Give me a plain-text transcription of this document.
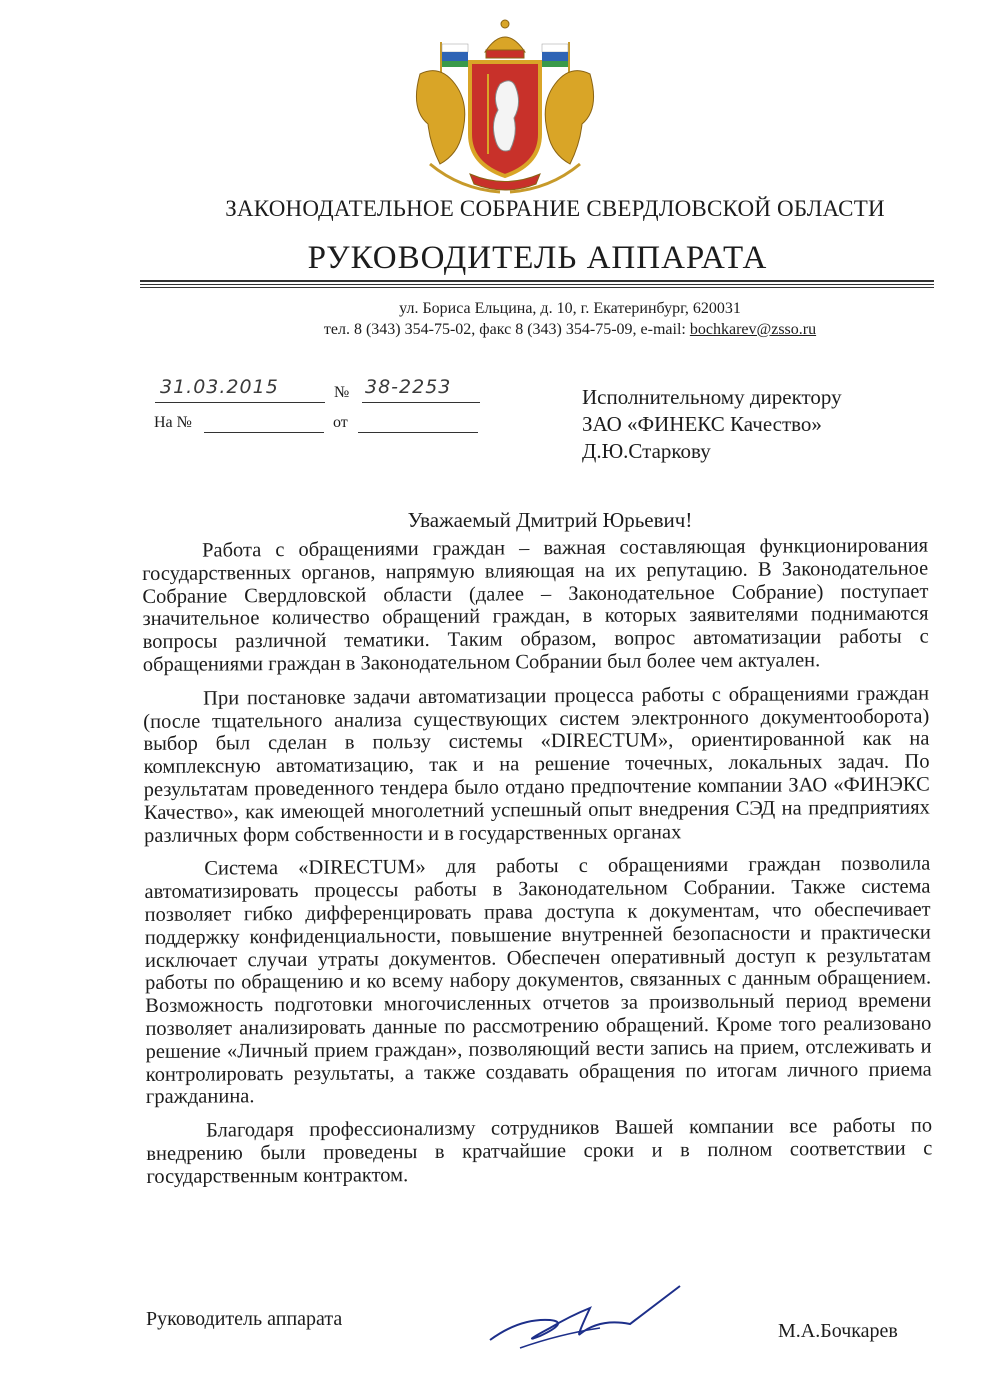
ЗАКОНОДАТЕЛЬНОЕ СОБРАНИЕ СВЕРДЛОВСКОЙ ОБЛАСТИ
РУКОВОДИТЕЛЬ АППАРАТА
ул. Бориса Ельцина, д. 10, г. Екатеринбург, 620031
тел. 8 (343) 354-75-02, факс 8 (343) 354-75-09, e-mail: bochkarev@zsso.ru
31.03.2015	№ 38-2253
На №	от
Исполнительному директору
ЗАО «ФИНЕКС Качество»
Д.Ю.Старкову
Уважаемый Дмитрий Юрьевич!

Работа с обращениями граждан – важная составляющая функционирования государственных органов, напрямую влияющая на их репутацию. В Законодательное Собрание Свердловской области (далее – Законодательное Собрание) поступает значительное количество обращений граждан, в которых заявителями поднимаются вопросы различной тематики. Таким образом, вопрос автоматизации работы с обращениями граждан в Законодательном Собрании был более чем актуален.

При постановке задачи автоматизации процесса работы с обращениями граждан (после тщательного анализа существующих систем электронного документооборота) выбор был сделан в пользу системы «DIRECTUM», ориентированной как на комплексную автоматизацию, так и на решение точечных, локальных задач. По результатам проведенного тендера было отдано предпочтение компании ЗАО «ФИНЭКС Качество», как имеющей многолетний успешный опыт внедрения СЭД на предприятиях различных форм собственности и в государственных органах

Система «DIRECTUM» для работы с обращениями граждан позволила автоматизировать процессы работы в Законодательном Собрании. Также система позволяет гибко дифференцировать права доступа к документам, что обеспечивает поддержку конфиденциальности, повышение внутренней безопасности и практически исключает случаи утраты документов. Обеспечен оперативный доступ к результатам работы по обращению и ко всему набору документов, связанных с данным обращением. Возможность подготовки многочисленных отчетов за произвольный период времени позволяет анализировать данные по рассмотрению обращений. Кроме того реализовано решение «Личный прием граждан», позволяющий вести запись на прием, отслеживать и контролировать результаты, а также создавать обращения по итогам личного приема гражданина.

Благодаря профессионализму сотрудников Вашей компании все работы по внедрению были проведены в кратчайшие сроки и в полном соответствии с государственным контрактом.

Руководитель аппарата
М.А.Бочкарев
